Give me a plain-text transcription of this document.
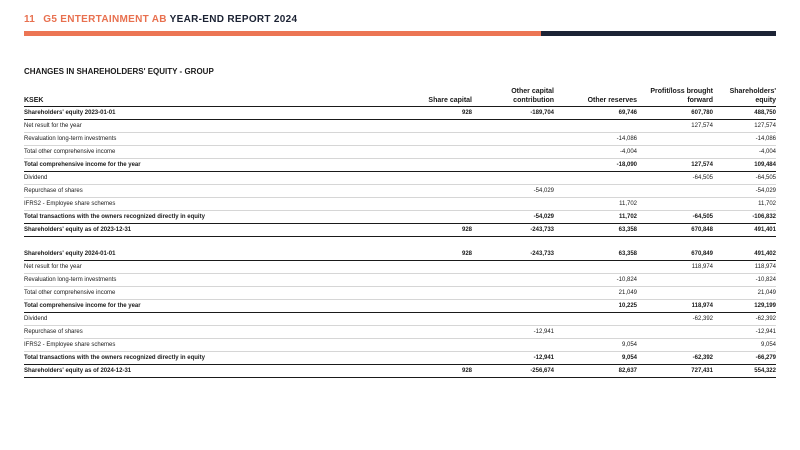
11 G5 ENTERTAINMENT AB YEAR-END REPORT 2024
CHANGES IN SHAREHOLDERS' EQUITY - GROUP
KSEK	Share capital	Other capital contribution	Other reserves	Profit/loss brought forward	Shareholders' equity
Shareholders' equity 2023-01-01	928	-189,704	69,746	607,780	488,750
Net result for the year				127,574	127,574
Revaluation long-term investments			-14,086		-14,086
Total other comprehensive income			-4,004		-4,004
Total comprehensive income for the year			-18,090	127,574	109,484
Dividend				-64,505	-64,505
Repurchase of shares		-54,029			-54,029
IFRS2 - Employee share schemes			11,702		11,702
Total transactions with the owners recognized directly in equity		-54,029	11,702	-64,505	-106,832
Shareholders' equity as of 2023-12-31	928	-243,733	63,358	670,848	491,401

Shareholders' equity 2024-01-01	928	-243,733	63,358	670,849	491,402
Net result for the year				118,974	118,974
Revaluation long-term investments			-10,824		-10,824
Total other comprehensive income			21,049		21,049
Total comprehensive income for the year			10,225	118,974	129,199
Dividend				-62,392	-62,392
Repurchase of shares		-12,941			-12,941
IFRS2 - Employee share schemes			9,054		9,054
Total transactions with the owners recognized directly in equity		-12,941	9,054	-62,392	-66,279
Shareholders' equity as of 2024-12-31	928	-256,674	82,637	727,431	554,322
